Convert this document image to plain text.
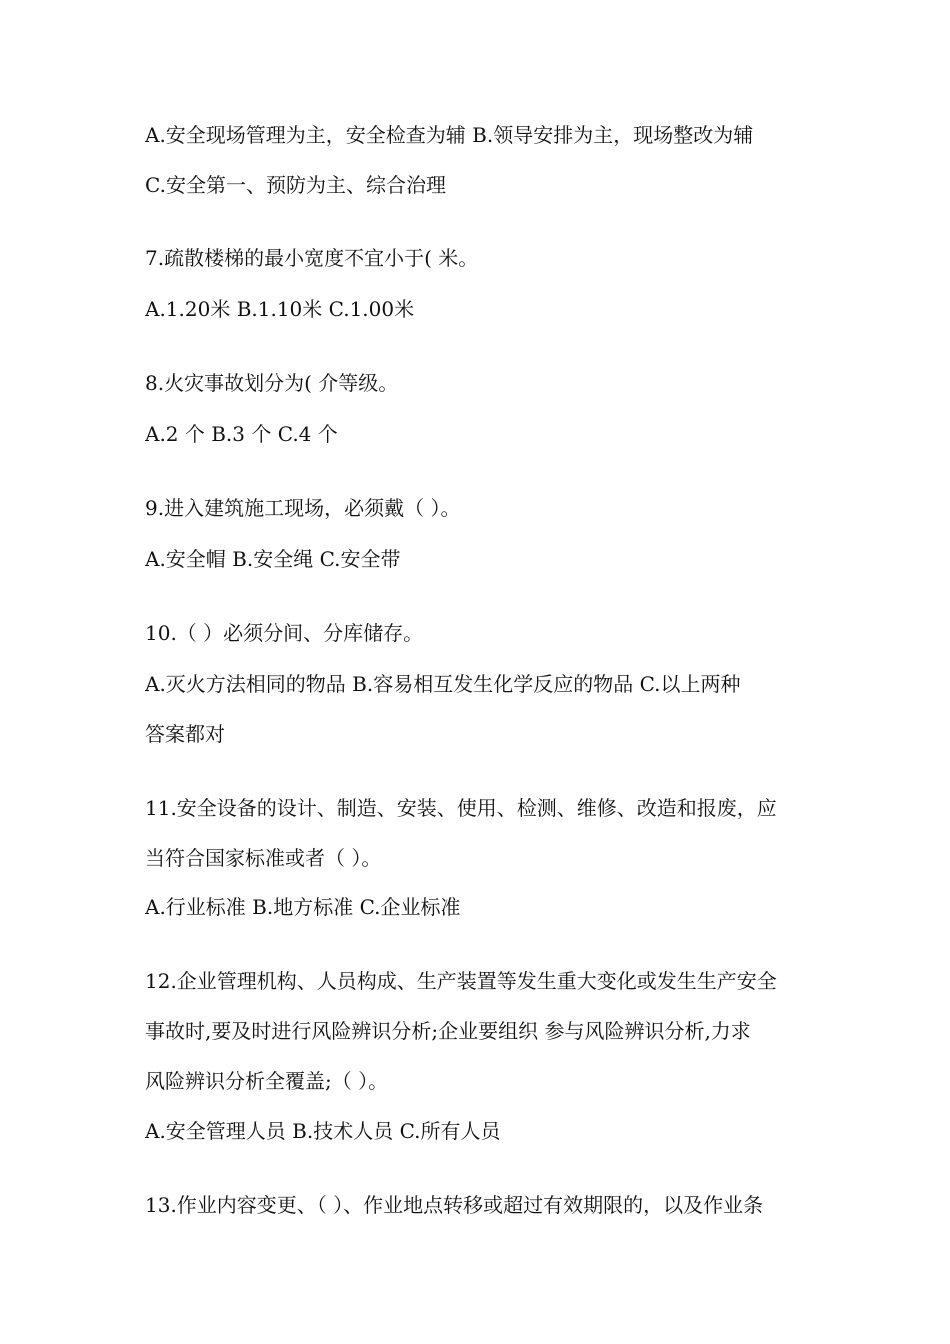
A.安全现场管理为主，安全检查为辅 B.领导安排为主，现场整改为辅
C.安全第一、预防为主、综合治理
7.疏散楼梯的最小宽度不宜小于( 米。
A.1.20米 B.1.10米 C.1.00米
8.火灾事故划分为( 介等级。
A.2 个 B.3 个 C.4 个
9.进入建筑施工现场，必须戴（ ）。
A.安全帽 B.安全绳 C.安全带
10.（ ）必须分间、分库储存。
A.灭火方法相同的物品 B.容易相互发生化学反应的物品 C.以上两种
答案都对
11.安全设备的设计、制造、安装、使用、检测、维修、改造和报废，应
当符合国家标准或者（ ）。
A.行业标准 B.地方标准 C.企业标准
12.企业管理机构、人员构成、生产装置等发生重大变化或发生生产安全
事故时,要及时进行风险辨识分析;企业要组织 参与风险辨识分析,力求
风险辨识分析全覆盖;（ ）。
A.安全管理人员 B.技术人员 C.所有人员
13.作业内容变更、（ ）、作业地点转移或超过有效期限的，以及作业条
